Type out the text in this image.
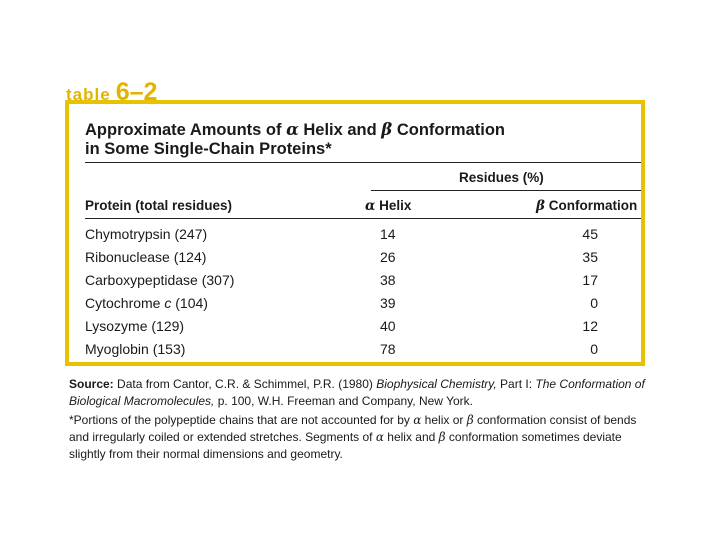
table 6–2
Approximate Amounts of α Helix and β Conformation
in Some Single-Chain Proteins*
Residues (%)
Protein (total residues)	α Helix	β Conformation
Chymotrypsin (247)	14	45
Ribonuclease (124)	26	35
Carboxypeptidase (307)	38	17
Cytochrome c (104)	39	0
Lysozyme (129)	40	12
Myoglobin (153)	78	0

Source: Data from Cantor, C.R. & Schimmel, P.R. (1980) Biophysical Chemistry, Part I: The Conformation of Biological Macromolecules, p. 100, W.H. Freeman and Company, New York.

*Portions of the polypeptide chains that are not accounted for by α helix or β conformation consist of bends and irregularly coiled or extended stretches. Segments of α helix and β conformation sometimes deviate slightly from their normal dimensions and geometry.
